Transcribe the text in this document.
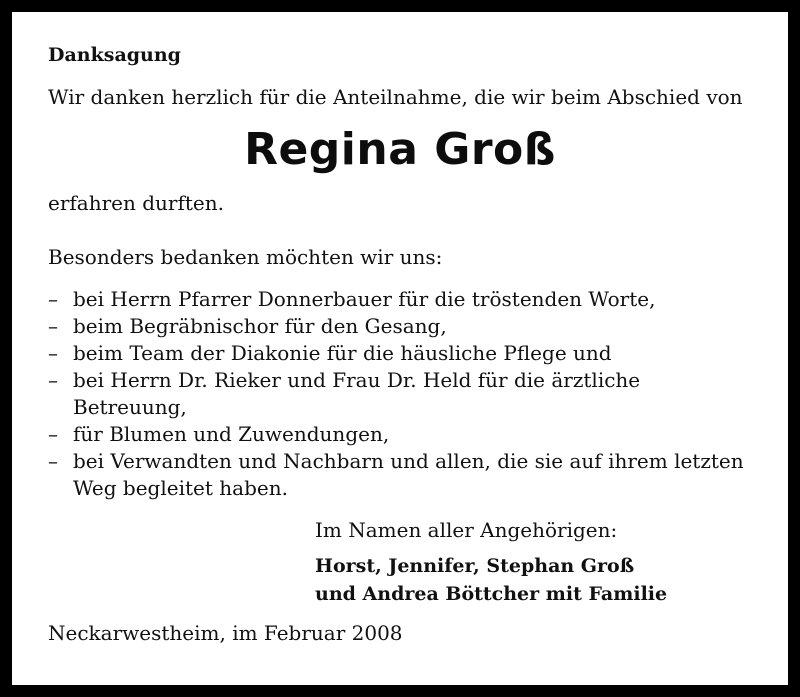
Danksagung
Wir danken herzlich für die Anteilnahme, die wir beim Abschied von
Regina Groß
erfahren durften.
Besonders bedanken möchten wir uns:
– bei Herrn Pfarrer Donnerbauer für die tröstenden Worte,
– beim Begräbnischor für den Gesang,
– beim Team der Diakonie für die häusliche Pflege und
– bei Herrn Dr. Rieker und Frau Dr. Held für die ärztliche
Betreuung,
– für Blumen und Zuwendungen,
– bei Verwandten und Nachbarn und allen, die sie auf ihrem letzten
Weg begleitet haben.
Im Namen aller Angehörigen:
Horst, Jennifer, Stephan Groß
und Andrea Böttcher mit Familie
Neckarwestheim, im Februar 2008
